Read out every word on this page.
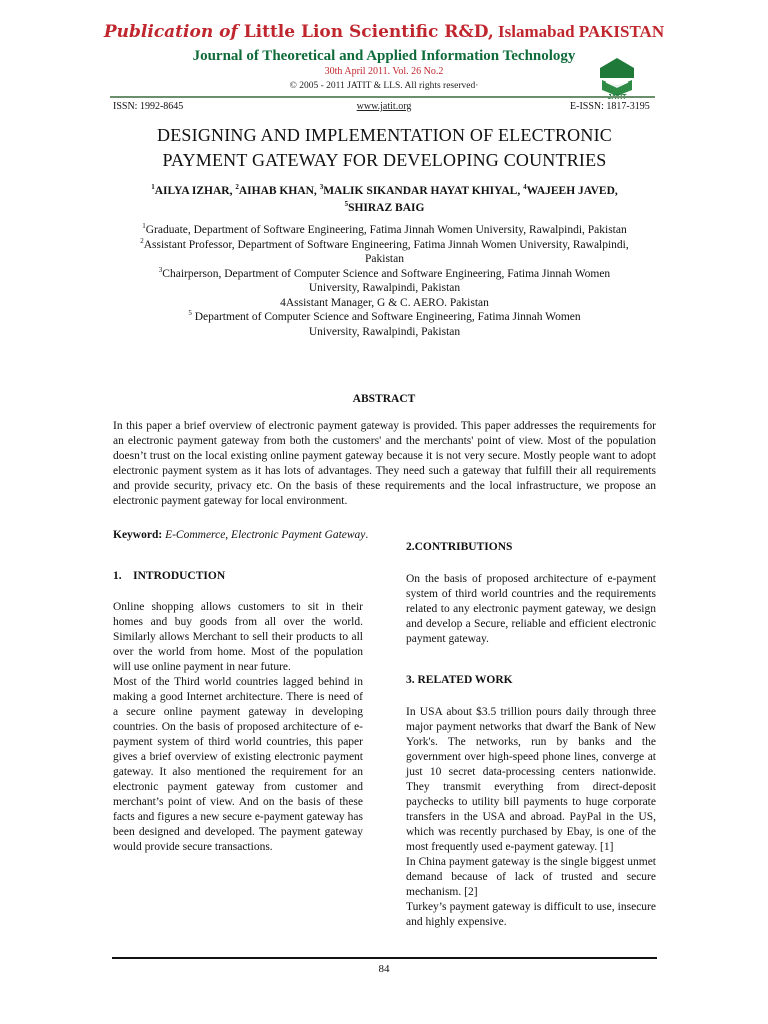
Publication of Little Lion Scientific R&D, Islamabad PAKISTAN
Journal of Theoretical and Applied Information Technology
30th April 2011. Vol. 26 No.2
© 2005 - 2011 JATIT & LLS. All rights reserved·
JATIT
ISSN: 1992-8645	www.jatit.org	E-ISSN: 1817-3195
DESIGNING AND IMPLEMENTATION OF ELECTRONIC
PAYMENT GATEWAY FOR DEVELOPING COUNTRIES
$^1$AILYA IZHAR, $^2$AIHAB KHAN, $^3$MALIK SIKANDAR HAYAT KHIYAL, $^4$WAJEEH JAVED,
$^5$SHIRAZ BAIG
$^1$Graduate, Department of Software Engineering, Fatima Jinnah Women University, Rawalpindi, Pakistan
$^2$Assistant Professor, Department of Software Engineering, Fatima Jinnah Women University, Rawalpindi,
Pakistan
$^3$Chairperson, Department of Computer Science and Software Engineering, Fatima Jinnah Women
University, Rawalpindi, Pakistan
4Assistant Manager, G & C. AERO. Pakistan
$^5$ Department of Computer Science and Software Engineering, Fatima Jinnah Women
University, Rawalpindi, Pakistan
ABSTRACT
In this paper a brief overview of electronic payment gateway is provided. This paper addresses the requirements for an electronic payment gateway from both the customers' and the merchants' point of view. Most of the population doesn’t trust on the local existing online payment gateway because it is not very secure. Mostly people want to adopt electronic payment system as it has lots of advantages. They need such a gateway that fulfill their all requirements and provide security, privacy etc. On the basis of these requirements and the local infrastructure, we propose an electronic payment gateway for local environment.
Keyword: E-Commerce, Electronic Payment Gateway.
1.    INTRODUCTION

Online shopping allows customers to sit in their homes and buy goods from all over the world. Similarly allows Merchant to sell their products to all over the world from home. Most of the population will use online payment in near future.

Most of the Third world countries lagged behind in making a good Internet architecture. There is need of a secure online payment gateway in developing countries. On the basis of proposed architecture of e-payment system of third world countries, this paper gives a brief overview of existing electronic payment gateway. It also mentioned the requirement for an electronic payment gateway from customer and merchant’s point of view. And on the basis of these facts and figures a new secure e-payment gateway has been designed and developed. The payment gateway would provide secure transactions.

2.CONTRIBUTIONS

On the basis of proposed architecture of e-payment system of third world countries and the requirements related to any electronic payment gateway, we design and develop a Secure, reliable and efficient electronic payment gateway.

3. RELATED WORK

In USA about $3.5 trillion pours daily through three major payment networks that dwarf the Bank of New York's. The networks, run by banks and the government over high-speed phone lines, converge at just 10 secret data-processing centers nationwide. They transmit everything from direct-deposit paychecks to utility bill payments to huge corporate transfers in the USA and abroad. PayPal in the US, which was recently purchased by Ebay, is one of the most frequently used e-payment gateway. [1]

In China payment gateway is the single biggest unmet demand because of lack of trusted and secure mechanism. [2]

Turkey’s payment gateway is difficult to use, insecure and highly expensive.

84
